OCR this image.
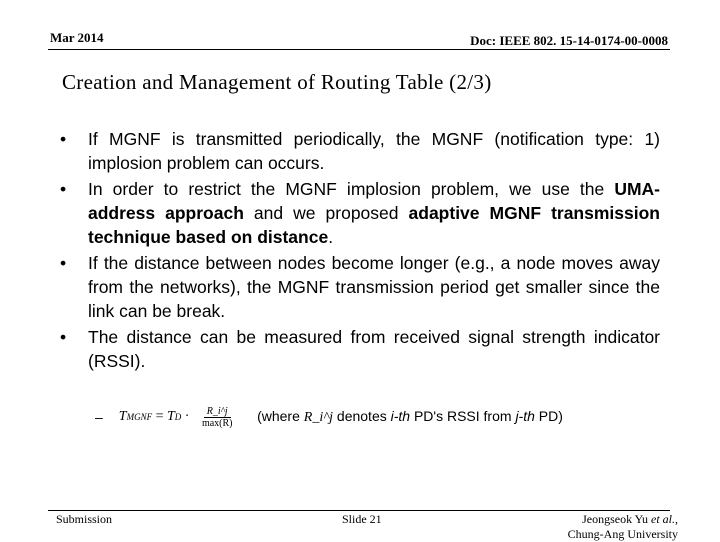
Mar 2014	Doc: IEEE 802. 15-14-0174-00-0008
Creation and Management of Routing Table (2/3)
• If MGNF is transmitted periodically, the MGNF (notification type: 1) implosion problem can occurs.
• In order to restrict the MGNF implosion problem, we use the UMA-address approach and we proposed adaptive MGNF transmission technique based on distance.
• If the distance between nodes become longer (e.g., a node moves away from the networks), the MGNF transmission period get smaller since the link can be break.
• The distance can be measured from received signal strength indicator (RSSI).
– T MGNF = T $D \cdot \frac{R\_i\^{}j}{\max(R)}$	(where R_i^j denotes i-th PD's RSSI from j-th PD)

Submission	Slide 21	Jeongseok Yu et al.,
Chung-Ang University
